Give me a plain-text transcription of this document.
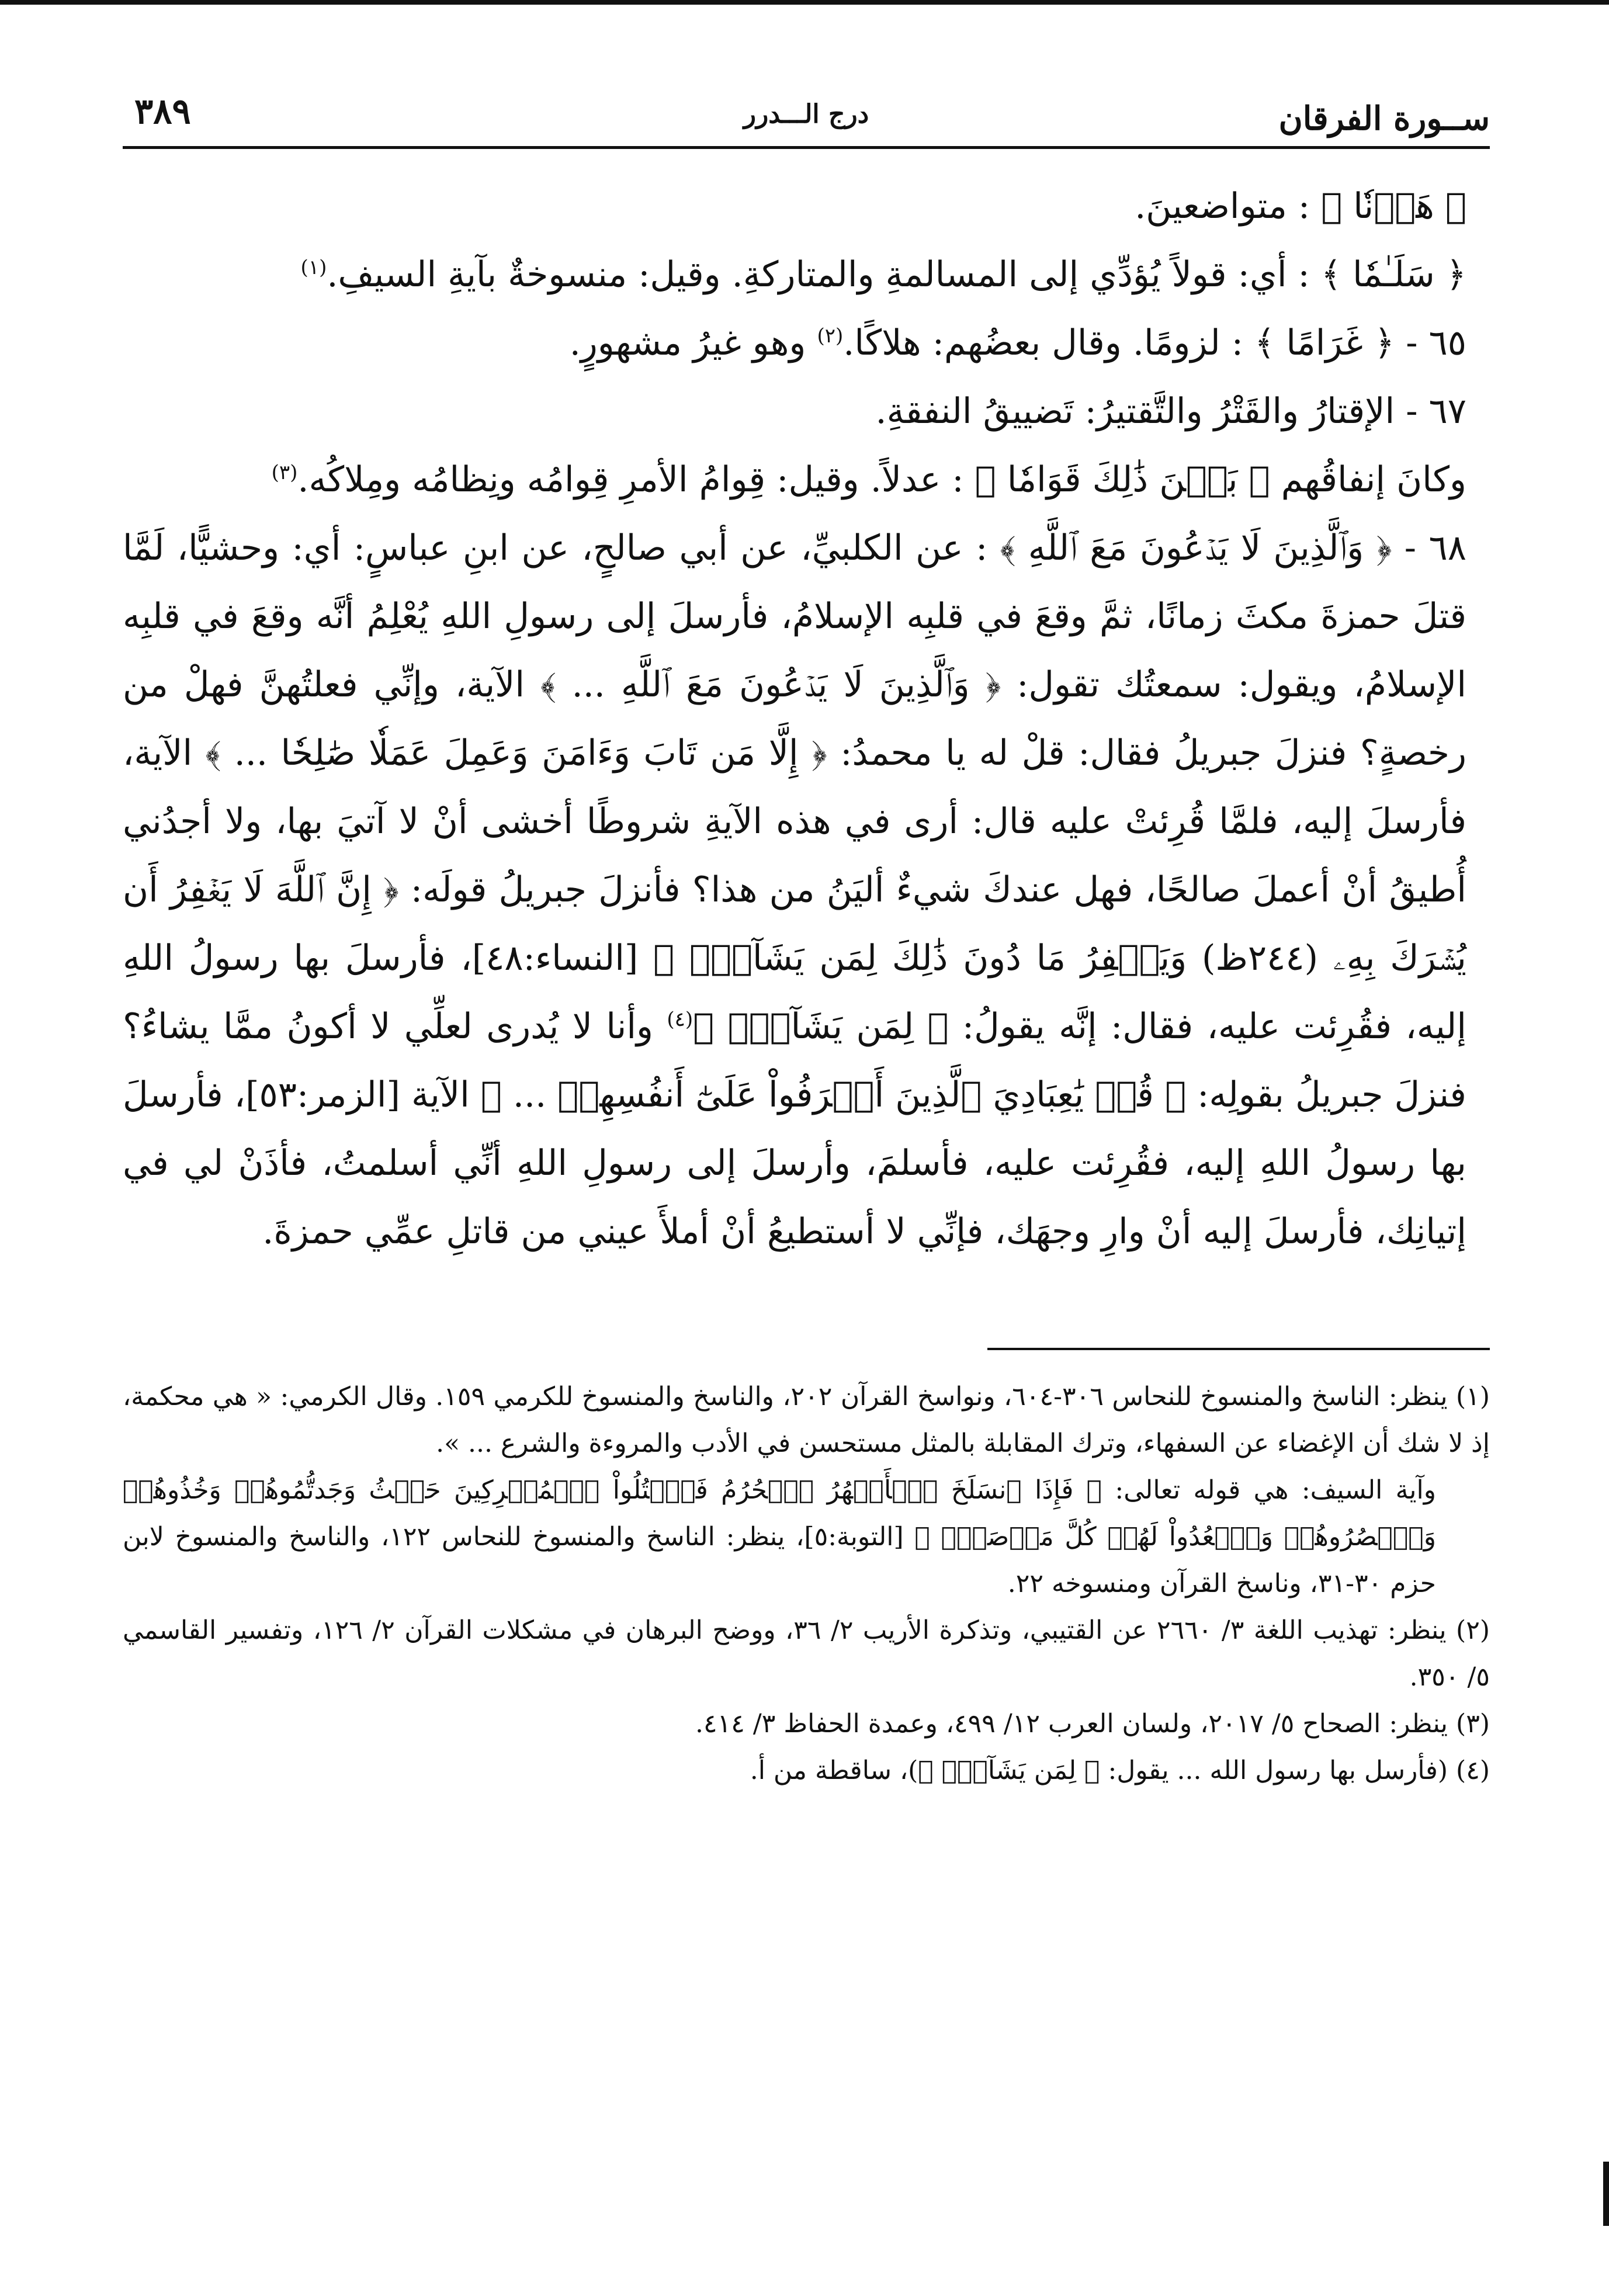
ســورة الفرقان
درج الـــدرر
٣٨٩

﴿ هَوۡنٗا ﴾ : متواضعينَ.

﴿ سَلَـٰمٗا ﴾ : أي: قولاً يُؤدِّي إلى المسالمةِ والمتاركةِ. وقيل: منسوخةٌ بآيةِ السيفِ.$^{(١)}$

٦٥ - ﴿ غَرَامًا ﴾ : لزومًا. وقال بعضُهم: هلاكًا.$^{(٢)}$ وهو غيرُ مشهورٍ.

٦٧ - الإقتارُ والقَتْرُ والتَّقتيرُ: تَضييقُ النفقةِ.

وكانَ إنفاقُهم ﴿ بَيۡنَ ذَٰلِكَ قَوَامٗا ﴾ : عدلاً. وقيل: قِوامُ الأمرِ قِوامُه ونِظامُه ومِلاكُه.$^{(٣)}$

٦٨ - ﴿ وَٱلَّذِينَ لَا يَدۡعُونَ مَعَ ٱللَّهِ ﴾ : عن الكلبيِّ، عن أبي صالحٍ، عن ابنِ عباسٍ: أي: وحشيًّا، لَمَّا قتلَ حمزةَ مكثَ زمانًا، ثمَّ وقعَ في قلبِه الإسلامُ، فأرسلَ إلى رسولِ اللهِ يُعْلِمُ أنَّه وقعَ في قلبِه الإسلامُ، ويقول: سمعتُك تقول: ﴿ وَٱلَّذِينَ لَا يَدۡعُونَ مَعَ ٱللَّهِ ... ﴾ الآية، وإنِّي فعلتُهنَّ فهلْ من رخصةٍ؟ فنزلَ جبريلُ فقال: قلْ له يا محمدُ: ﴿ إِلَّا مَن تَابَ وَءَامَنَ وَعَمِلَ عَمَلٗا صَٰلِحٗا ... ﴾ الآية، فأرسلَ إليه، فلمَّا قُرِئتْ عليه قال: أرى في هذه الآيةِ شروطًا أخشى أنْ لا آتيَ بها، ولا أجدُني أُطيقُ أنْ أعملَ صالحًا، فهل عندكَ شيءٌ أليَنُ من هذا؟ فأنزلَ جبريلُ قولَه: ﴿ إِنَّ ٱللَّهَ لَا يَغۡفِرُ أَن يُشۡرَكَ بِهِۦ (٢٤٤ظ) وَيَغۡفِرُ مَا دُونَ ذَٰلِكَ لِمَن يَشَآءُۚ ﴾ [النساء:٤٨]، فأرسلَ بها رسولُ اللهِ إليه، فقُرِئت عليه، فقال: إنَّه يقولُ: ﴿ لِمَن يَشَآءُۚ ﴾$^{(٤)}$ وأنا لا يُدرى لعلِّي لا أكونُ ممَّا يشاءُ؟ فنزلَ جبريلُ بقولِه: ﴿ قُلۡ يَٰعِبَادِيَ ٱلَّذِينَ أَسۡرَفُواْ عَلَىٰٓ أَنفُسِهِمۡ ... ﴾ الآية [الزمر:٥٣]، فأرسلَ بها رسولُ اللهِ إليه، فقُرِئت عليه، فأسلمَ، وأرسلَ إلى رسولِ اللهِ أنِّي أسلمتُ، فأذَنْ لي في إتيانِك، فأرسلَ إليه أنْ وارِ وجهَك، فإنِّي لا أستطيعُ أنْ أملأَ عيني من قاتلِ عمِّي حمزةَ.

(١) ينظر: الناسخ والمنسوخ للنحاس ٣٠٦-٦٠٤، ونواسخ القرآن ٢٠٢، والناسخ والمنسوخ للكرمي ١٥٩. وقال الكرمي: « هي محكمة، إذ لا شك أن الإغضاء عن السفهاء، وترك المقابلة بالمثل مستحسن في الأدب والمروءة والشرع ... ».

وآية السيف: هي قوله تعالى: ﴿ فَإِذَا ٱنسَلَخَ ٱلۡأَشۡهُرُ ٱلۡحُرُمُ فَٱقۡتُلُواْ ٱلۡمُشۡرِكِينَ حَيۡثُ وَجَدتُّمُوهُمۡ وَخُذُوهُمۡ وَٱحۡصُرُوهُمۡ وَٱقۡعُدُواْ لَهُمۡ كُلَّ مَرۡصَدٖۚ ﴾ [التوبة:٥]، ينظر: الناسخ والمنسوخ للنحاس ١٢٢، والناسخ والمنسوخ لابن حزم ٣٠-٣١، وناسخ القرآن ومنسوخه ٢٢.

(٢) ينظر: تهذيب اللغة ٣/ ٢٦٦٠ عن القتيبي، وتذكرة الأريب ٢/ ٣٦، ووضح البرهان في مشكلات القرآن ٢/ ١٢٦، وتفسير القاسمي ٥/ ٣٥٠.

(٣) ينظر: الصحاح ٥/ ٢٠١٧، ولسان العرب ١٢/ ٤٩٩، وعمدة الحفاظ ٣/ ٤١٤.

(٤) (فأرسل بها رسول الله ... يقول: ﴿ لِمَن يَشَآءُۚ ﴾)، ساقطة من أ.
